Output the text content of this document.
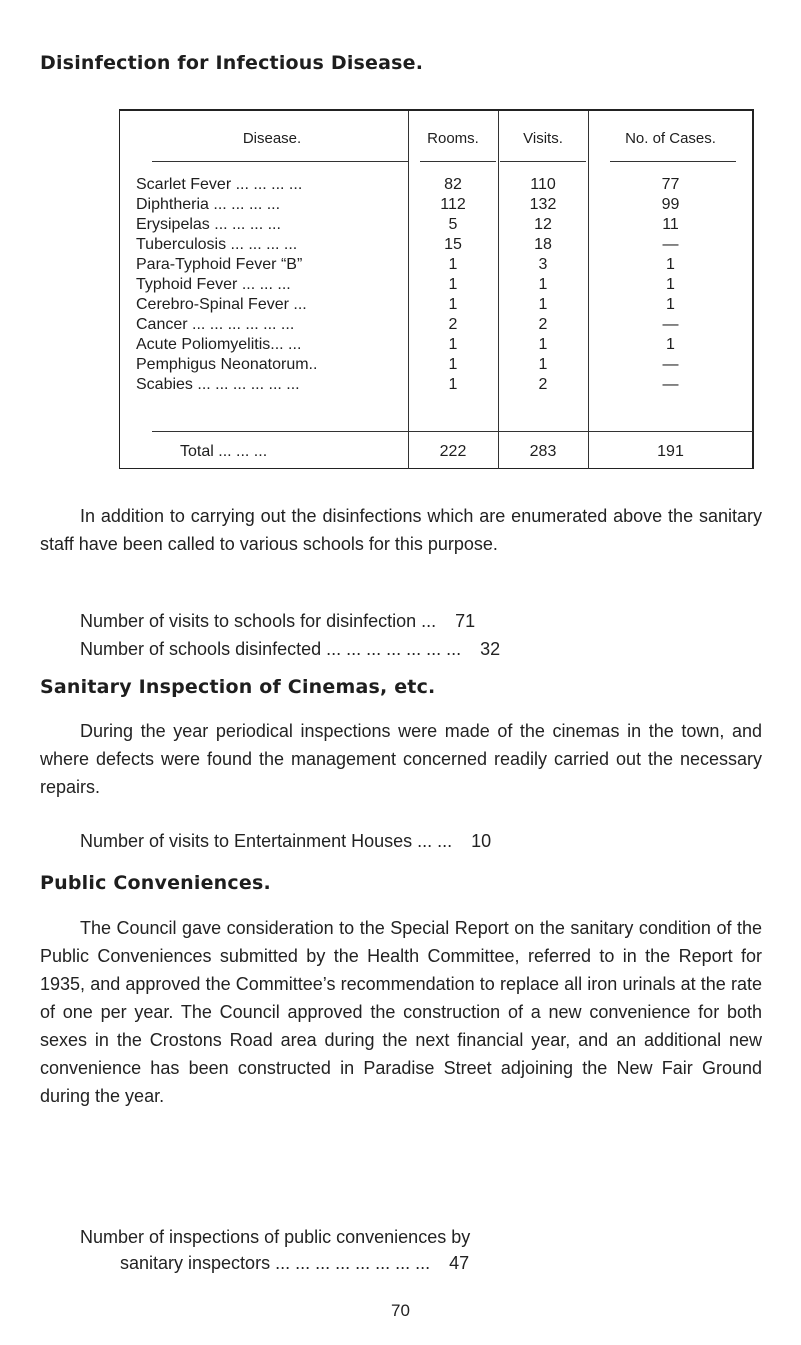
Disinfection for Infectious Disease.
Disease.	Rooms.	Visits.	No. of Cases.
Scarlet Fever ... ... ... ...	82	110	77
Diphtheria ... ... ... ...	112	132	99
Erysipelas ... ... ... ...	5	12	11
Tuberculosis ... ... ... ...	15	18	—
Para-Typhoid Fever “B”	1	3	1
Typhoid Fever ... ... ...	1	1	1
Cerebro-Spinal Fever ...	1	1	1
Cancer ... ... ... ... ... ...	2	2	—
Acute Poliomyelitis... ...	1	1	1
Pemphigus Neonatorum..	1	1	—
Scabies ... ... ... ... ... ...	1	2	—
Total ... ... ...	222	283	191

In addition to carrying out the disinfections which are enumerated above the sanitary staff have been called to various schools for this purpose.

Number of visits to schools for disinfection ... 71

Number of schools disinfected ... ... ... ... ... ... ... 32

Sanitary Inspection of Cinemas, etc.

During the year periodical inspections were made of the cinemas in the town, and where defects were found the management concerned readily carried out the necessary repairs.

Number of visits to Entertainment Houses ... ... 10

Public Conveniences.

The Council gave consideration to the Special Report on the sanitary condition of the Public Conveniences submitted by the Health Committee, referred to in the Report for 1935, and approved the Committee’s recommendation to replace all iron urinals at the rate of one per year. The Council approved the construction of a new convenience for both sexes in the Crostons Road area during the next financial year, and an additional new convenience has been constructed in Paradise Street adjoining the New Fair Ground during the year.

Number of inspections of public conveniences by

sanitary inspectors ... ... ... ... ... ... ... ... 47

70
